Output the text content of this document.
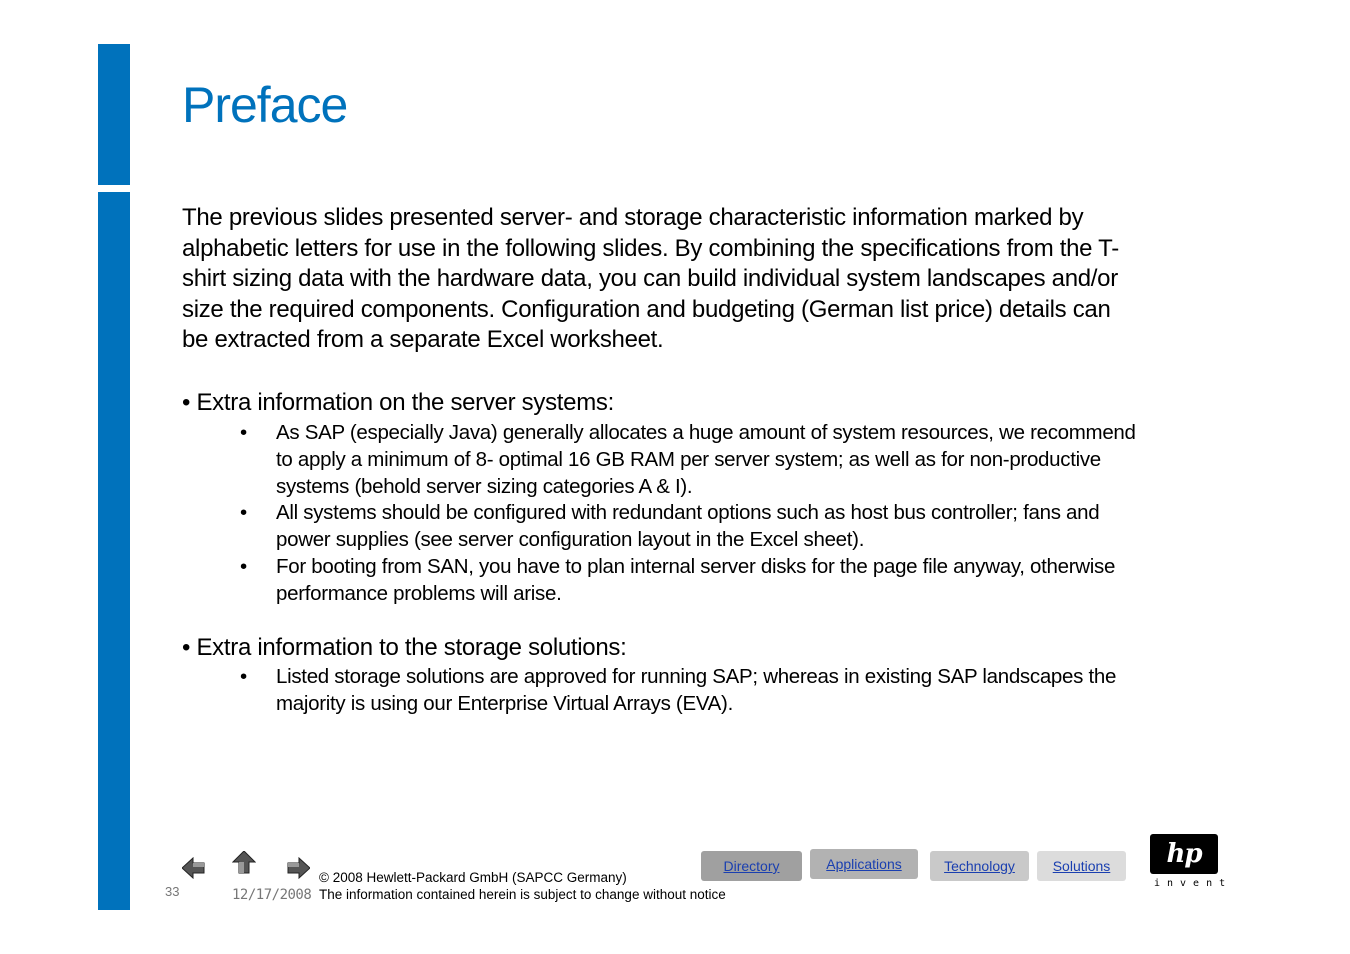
Preface
The previous slides presented server- and storage characteristic information marked by alphabetic letters for use in the following slides. By combining the specifications from the T-shirt sizing data with the hardware data, you can build individual system landscapes and/or size the required components. Configuration and budgeting (German list price) details can be extracted from a separate Excel worksheet.
• Extra information on the server systems:
• As SAP (especially Java) generally allocates a huge amount of system resources, we recommend to apply a minimum of 8- optimal 16 GB RAM per server system; as well as for non-productive systems (behold server sizing categories A & I).
• All systems should be configured with redundant options such as host bus controller; fans and power supplies (see server configuration layout in the Excel sheet).
• For booting from SAN, you have to plan internal server disks for the page file anyway, otherwise performance problems will arise.
• Extra information to the storage solutions:
• Listed storage solutions are approved for running SAP; whereas in existing SAP landscapes the majority is using our Enterprise Virtual Arrays (EVA).
33	12/17/2008
© 2008 Hewlett-Packard GmbH (SAPCC Germany)
The information contained herein is subject to change without notice
Directory	Applications	Technology	Solutions	hp
invent
